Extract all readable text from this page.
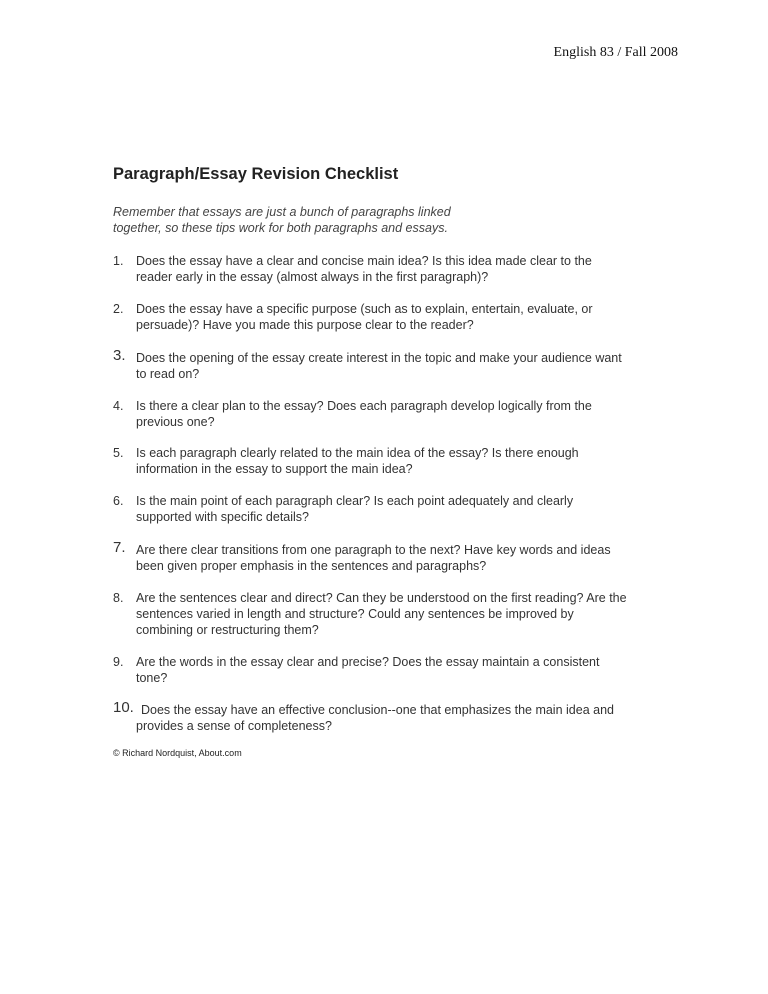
English 83 / Fall 2008
Paragraph/Essay Revision Checklist
Remember that essays are just a bunch of paragraphs linked
together, so these tips work for both paragraphs and essays.
1. Does the essay have a clear and concise main idea? Is this idea made clear to the
reader early in the essay (almost always in the first paragraph)?
2. Does the essay have a specific purpose (such as to explain, entertain, evaluate, or
persuade)? Have you made this purpose clear to the reader?
3. Does the opening of the essay create interest in the topic and make your audience want
to read on?
4. Is there a clear plan to the essay? Does each paragraph develop logically from the
previous one?
5. Is each paragraph clearly related to the main idea of the essay? Is there enough
information in the essay to support the main idea?
6. Is the main point of each paragraph clear? Is each point adequately and clearly
supported with specific details?
7. Are there clear transitions from one paragraph to the next? Have key words and ideas
been given proper emphasis in the sentences and paragraphs?
8. Are the sentences clear and direct? Can they be understood on the first reading? Are the
sentences varied in length and structure? Could any sentences be improved by
combining or restructuring them?
9. Are the words in the essay clear and precise? Does the essay maintain a consistent
tone?
10. Does the essay have an effective conclusion--one that emphasizes the main idea and
provides a sense of completeness?
© Richard Nordquist, About.com
